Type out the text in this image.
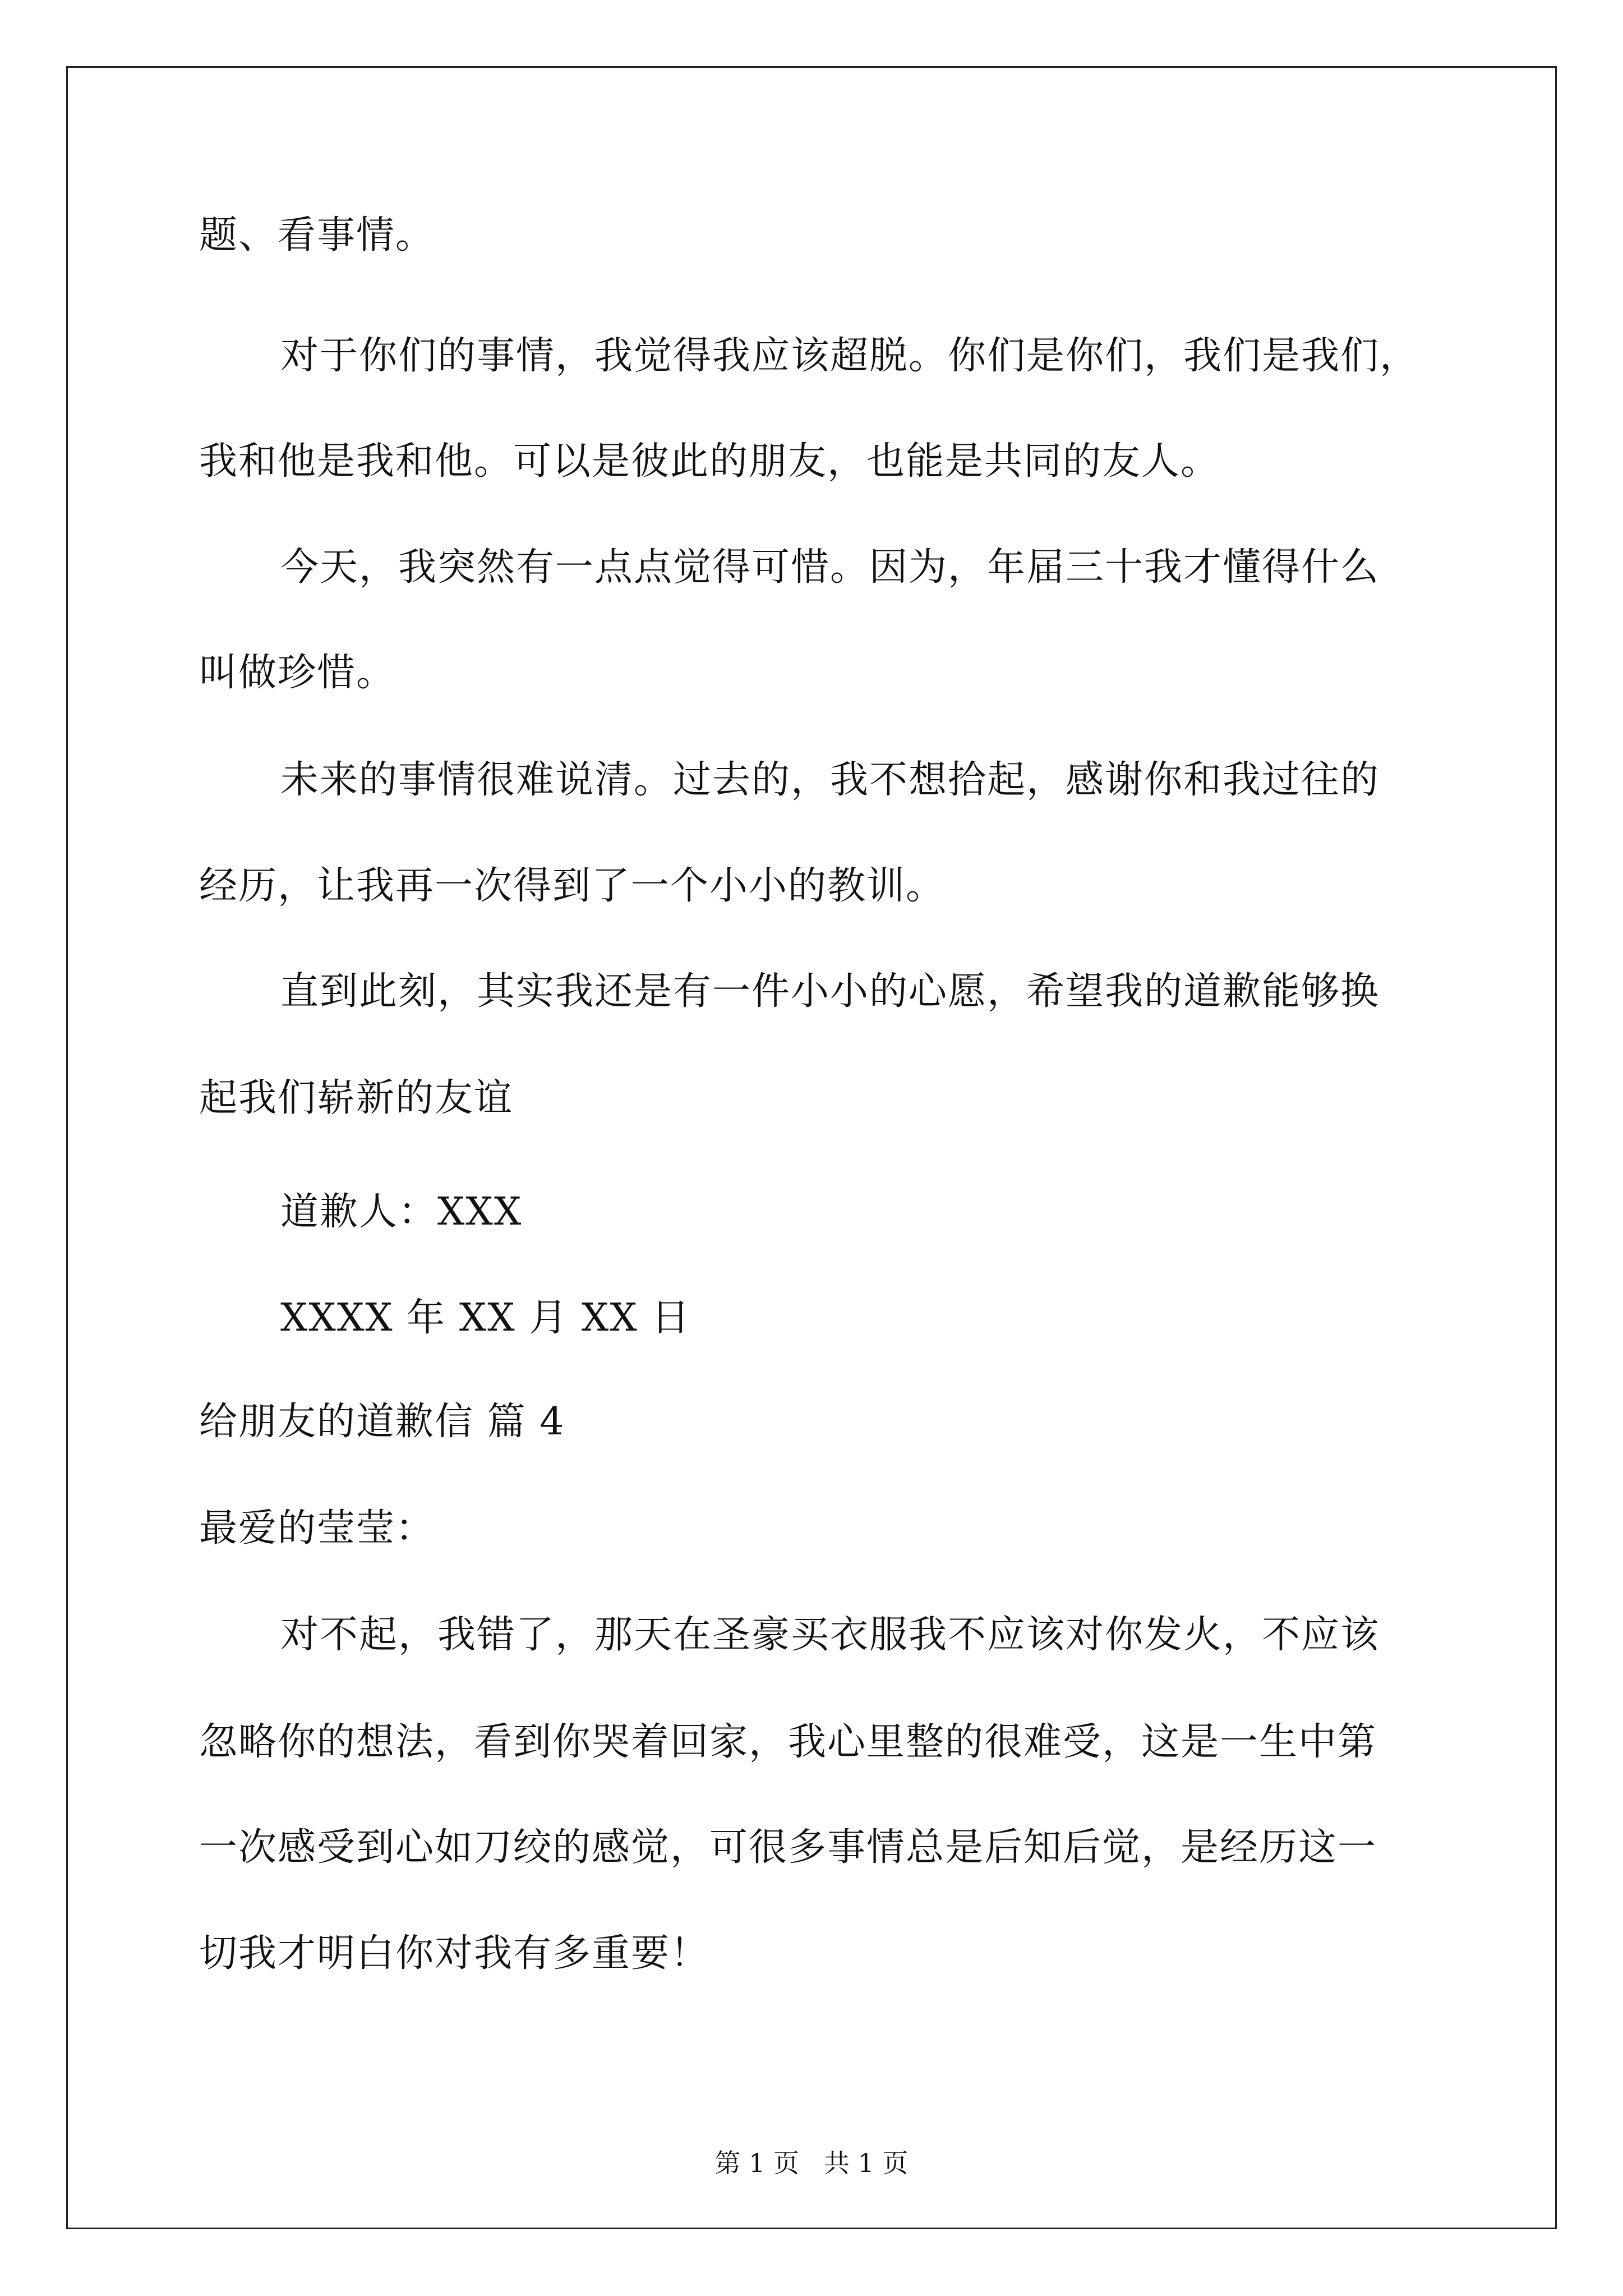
题、看事情。
对于你们的事情，我觉得我应该超脱。你们是你们，我们是我们，
我和他是我和他。可以是彼此的朋友，也能是共同的友人。
今天，我突然有一点点觉得可惜。因为，年届三十我才懂得什么
叫做珍惜。
未来的事情很难说清。过去的，我不想拾起，感谢你和我过往的
经历，让我再一次得到了一个小小的教训。
直到此刻，其实我还是有一件小小的心愿，希望我的道歉能够换
起我们崭新的友谊
道歉人：XXX
XXXX 年 XX 月 XX 日
给朋友的道歉信 篇 4
最爱的莹莹：
对不起，我错了，那天在圣豪买衣服我不应该对你发火，不应该
忽略你的想法，看到你哭着回家，我心里整的很难受，这是一生中第
一次感受到心如刀绞的感觉，可很多事情总是后知后觉，是经历这一
切我才明白你对我有多重要！
第 1 页   共 1 页
